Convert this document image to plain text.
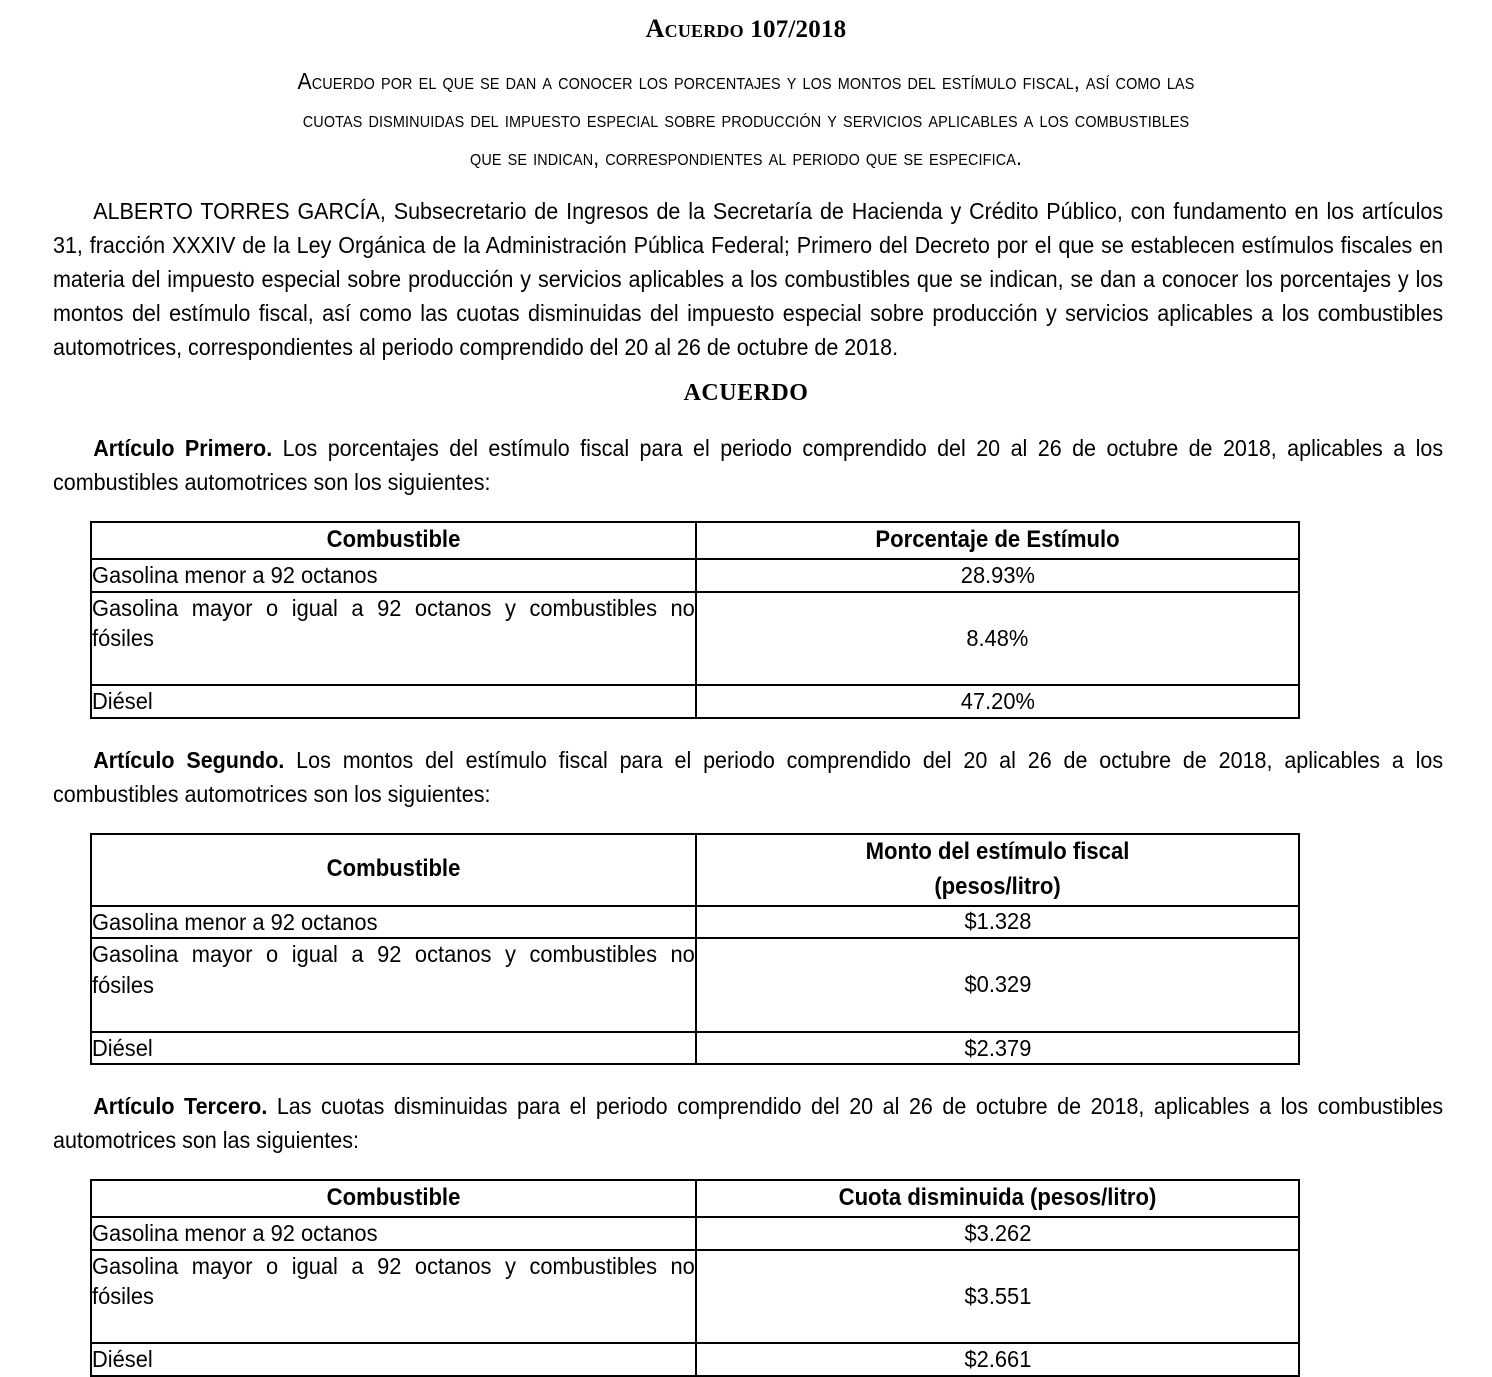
Acuerdo 107/2018
Acuerdo por el que se dan a conocer los porcentajes y los montos del estímulo fiscal, así como las
cuotas disminuidas del impuesto especial sobre producción y servicios aplicables a los combustibles
que se indican, correspondientes al periodo que se especifica.

ALBERTO TORRES GARCÍA, Subsecretario de Ingresos de la Secretaría de Hacienda y Crédito Público, con fundamento en los artículos 31, fracción XXXIV de la Ley Orgánica de la Administración Pública Federal; Primero del Decreto por el que se establecen estímulos fiscales en materia del impuesto especial sobre producción y servicios aplicables a los combustibles que se indican, se dan a conocer los porcentajes y los montos del estímulo fiscal, así como las cuotas disminuidas del impuesto especial sobre producción y servicios aplicables a los combustibles automotrices, correspondientes al periodo comprendido del 20 al 26 de octubre de 2018.

ACUERDO

Artículo Primero. Los porcentajes del estímulo fiscal para el periodo comprendido del 20 al 26 de octubre de 2018, aplicables a los combustibles automotrices son los siguientes:

Combustible	Porcentaje de Estímulo

Gasolina menor a 92 octanos	28.93%

Gasolina mayor o igual a 92 octanos y combustibles no fósiles	8.48%

Diésel	47.20%

Artículo Segundo. Los montos del estímulo fiscal para el periodo comprendido del 20 al 26 de octubre de 2018, aplicables a los combustibles automotrices son los siguientes:

Combustible	Monto del estímulo fiscal
(pesos/litro)

Gasolina menor a 92 octanos	$1.328

Gasolina mayor o igual a 92 octanos y combustibles no fósiles	$0.329

Diésel	$2.379

Artículo Tercero. Las cuotas disminuidas para el periodo comprendido del 20 al 26 de octubre de 2018, aplicables a los combustibles automotrices son las siguientes:

Combustible	Cuota disminuida (pesos/litro)

Gasolina menor a 92 octanos	$3.262

Gasolina mayor o igual a 92 octanos y combustibles no fósiles	$3.551

Diésel	$2.661
